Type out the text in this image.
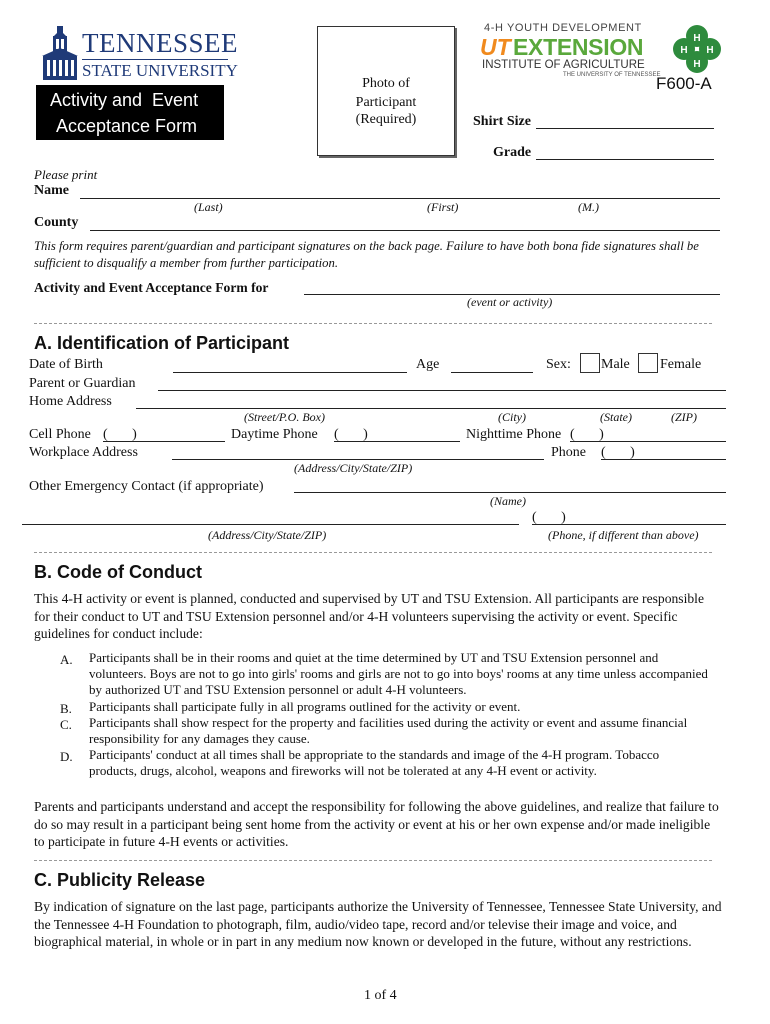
TENNESSEE
STATE UNIVERSITY
Activity and  Event
Acceptance Form
Photo of
Participant
(Required)
4-H YOUTH DEVELOPMENT
UT EXTENSION
INSTITUTE OF AGRICULTURE
THE UNIVERSITY OF TENNESSEE
H
H
H H
F600-A
Shirt Size
Grade
Please print
Name
(Last)	(First)	(M.)
County
This form requires parent/guardian and participant signatures on the back page. Failure to have both bona fide signatures shall be sufficient to disqualify a member from further participation.
Activity and Event Acceptance Form for
(event or activity)
A. Identification of Participant
Date of Birth	Age	Sex: Male Female
Parent or Guardian
Home Address
(Street/P.O. Box)	(City)	(State)	(ZIP)
Cell Phone (       )	Daytime Phone (       )	Nighttime Phone (       )
Workplace Address	Phone (       )
(Address/City/State/ZIP)
Other Emergency Contact (if appropriate)
(Name)
(       )
(Address/City/State/ZIP)	(Phone, if different than above)
B. Code of Conduct
This 4-H activity or event is planned, conducted and supervised by UT and TSU Extension. All participants are responsible for their conduct to UT and TSU Extension personnel and/or 4-H volunteers supervising the activity or event. Specific guidelines for conduct include:
A. Participants shall be in their rooms and quiet at the time determined by UT and TSU Extension personnel and volunteers. Boys are not to go into girls' rooms and girls are not to go into boys' rooms at any time unless accompanied by authorized UT and TSU Extension personnel or adult 4-H volunteers.
B. Participants shall participate fully in all programs outlined for the activity or event.
C. Participants shall show respect for the property and facilities used during the activity or event and assume financial responsibility for any damages they cause.
D. Participants' conduct at all times shall be appropriate to the standards and image of the 4-H program. Tobacco products, drugs, alcohol, weapons and fireworks will not be tolerated at any 4-H event or activity.
Parents and participants understand and accept the responsibility for following the above guidelines, and realize that failure to do so may result in a participant being sent home from the activity or event at his or her own expense and/or made ineligible to participate in future 4-H events or activities.
C. Publicity Release
By indication of signature on the last page, participants authorize the University of Tennessee, Tennessee State University, and the Tennessee 4-H Foundation to photograph, film, audio/video tape, record and/or televise their image and voice, and biographical material, in whole or in part in any medium now known or developed in the future, without any restrictions.
1 of 4
